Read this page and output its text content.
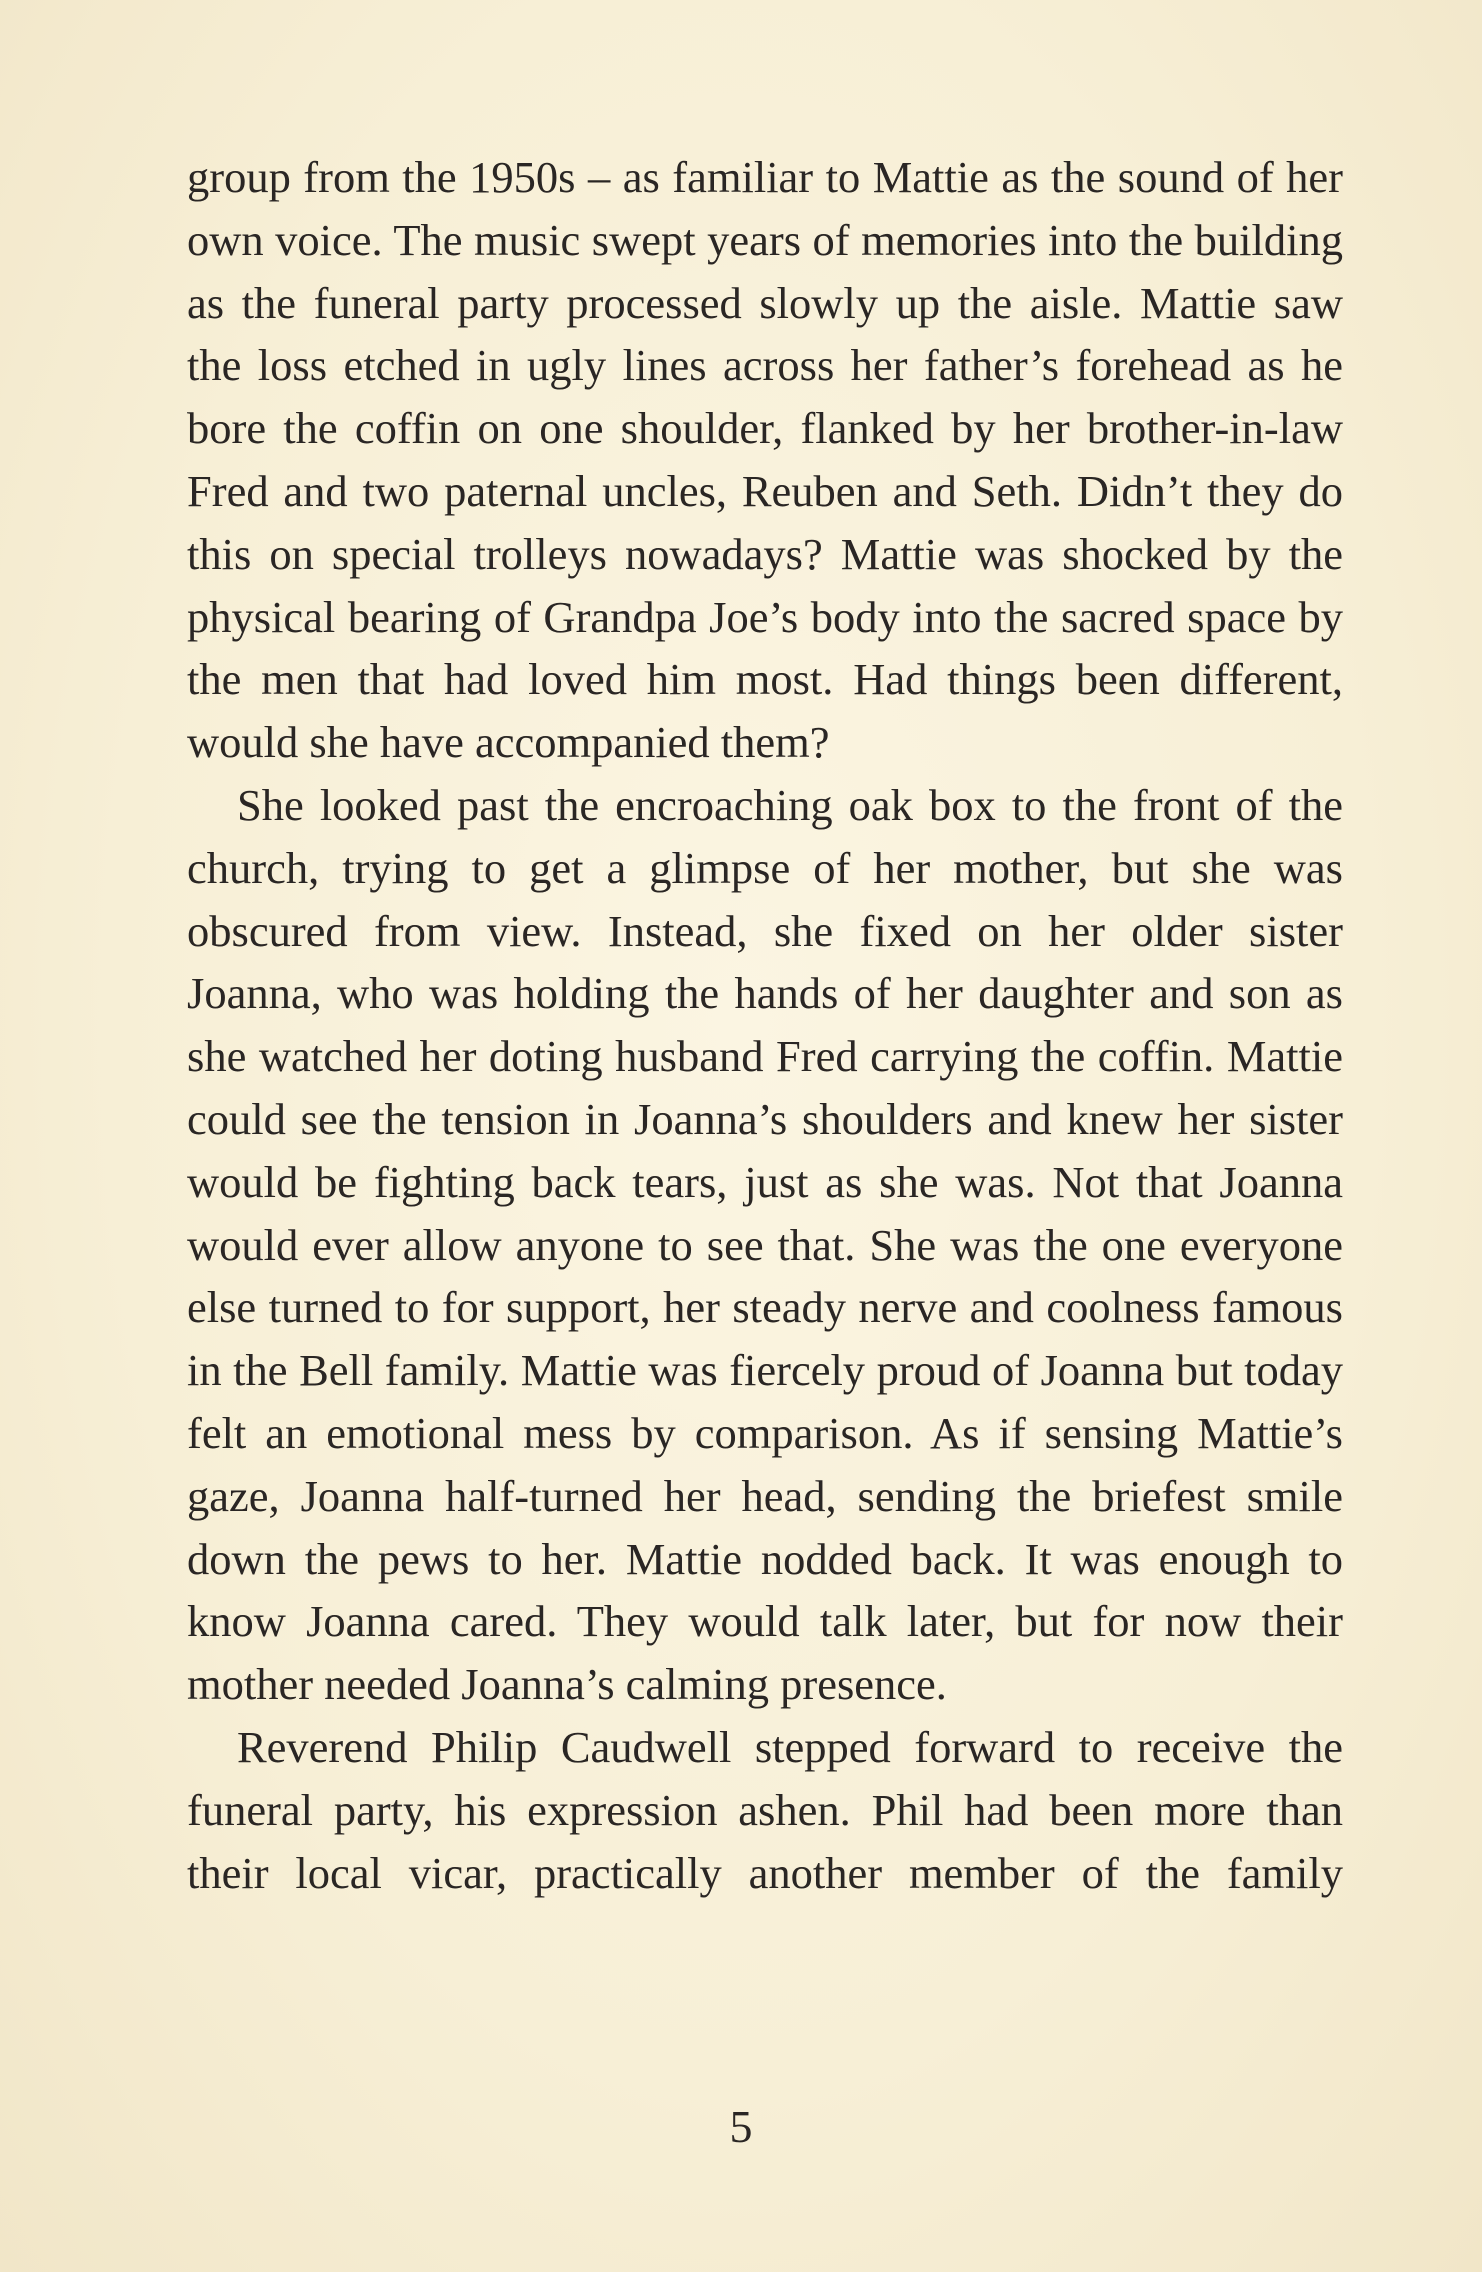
group from the 1950s – as familiar to Mattie as the sound of her own voice. The music swept years of memories into the building as the funeral party processed slowly up the aisle. Mattie saw the loss etched in ugly lines across her father’s forehead as he bore the coffin on one shoulder, flanked by her brother-in-law Fred and two paternal uncles, Reuben and Seth. Didn’t they do this on special trolleys nowadays? Mattie was shocked by the physical bearing of Grandpa Joe’s body into the sacred space by the men that had loved him most. Had things been different, would she have accompanied them?

She looked past the encroaching oak box to the front of the church, trying to get a glimpse of her mother, but she was obscured from view. Instead, she fixed on her older sister Joanna, who was holding the hands of her daughter and son as she watched her doting husband Fred carrying the coffin. Mattie could see the tension in Joanna’s shoulders and knew her sister would be fighting back tears, just as she was. Not that Joanna would ever allow anyone to see that. She was the one everyone else turned to for support, her steady nerve and coolness famous in the Bell family. Mattie was fiercely proud of Joanna but today felt an emotional mess by comparison. As if sensing Mattie’s gaze, Joanna half-turned her head, sending the briefest smile down the pews to her. Mattie nodded back. It was enough to know Joanna cared. They would talk later, but for now their mother needed Joanna’s calming presence.

Reverend Philip Caudwell stepped forward to receive the funeral party, his expression ashen. Phil had been more than their local vicar, practically another member of the family

5
